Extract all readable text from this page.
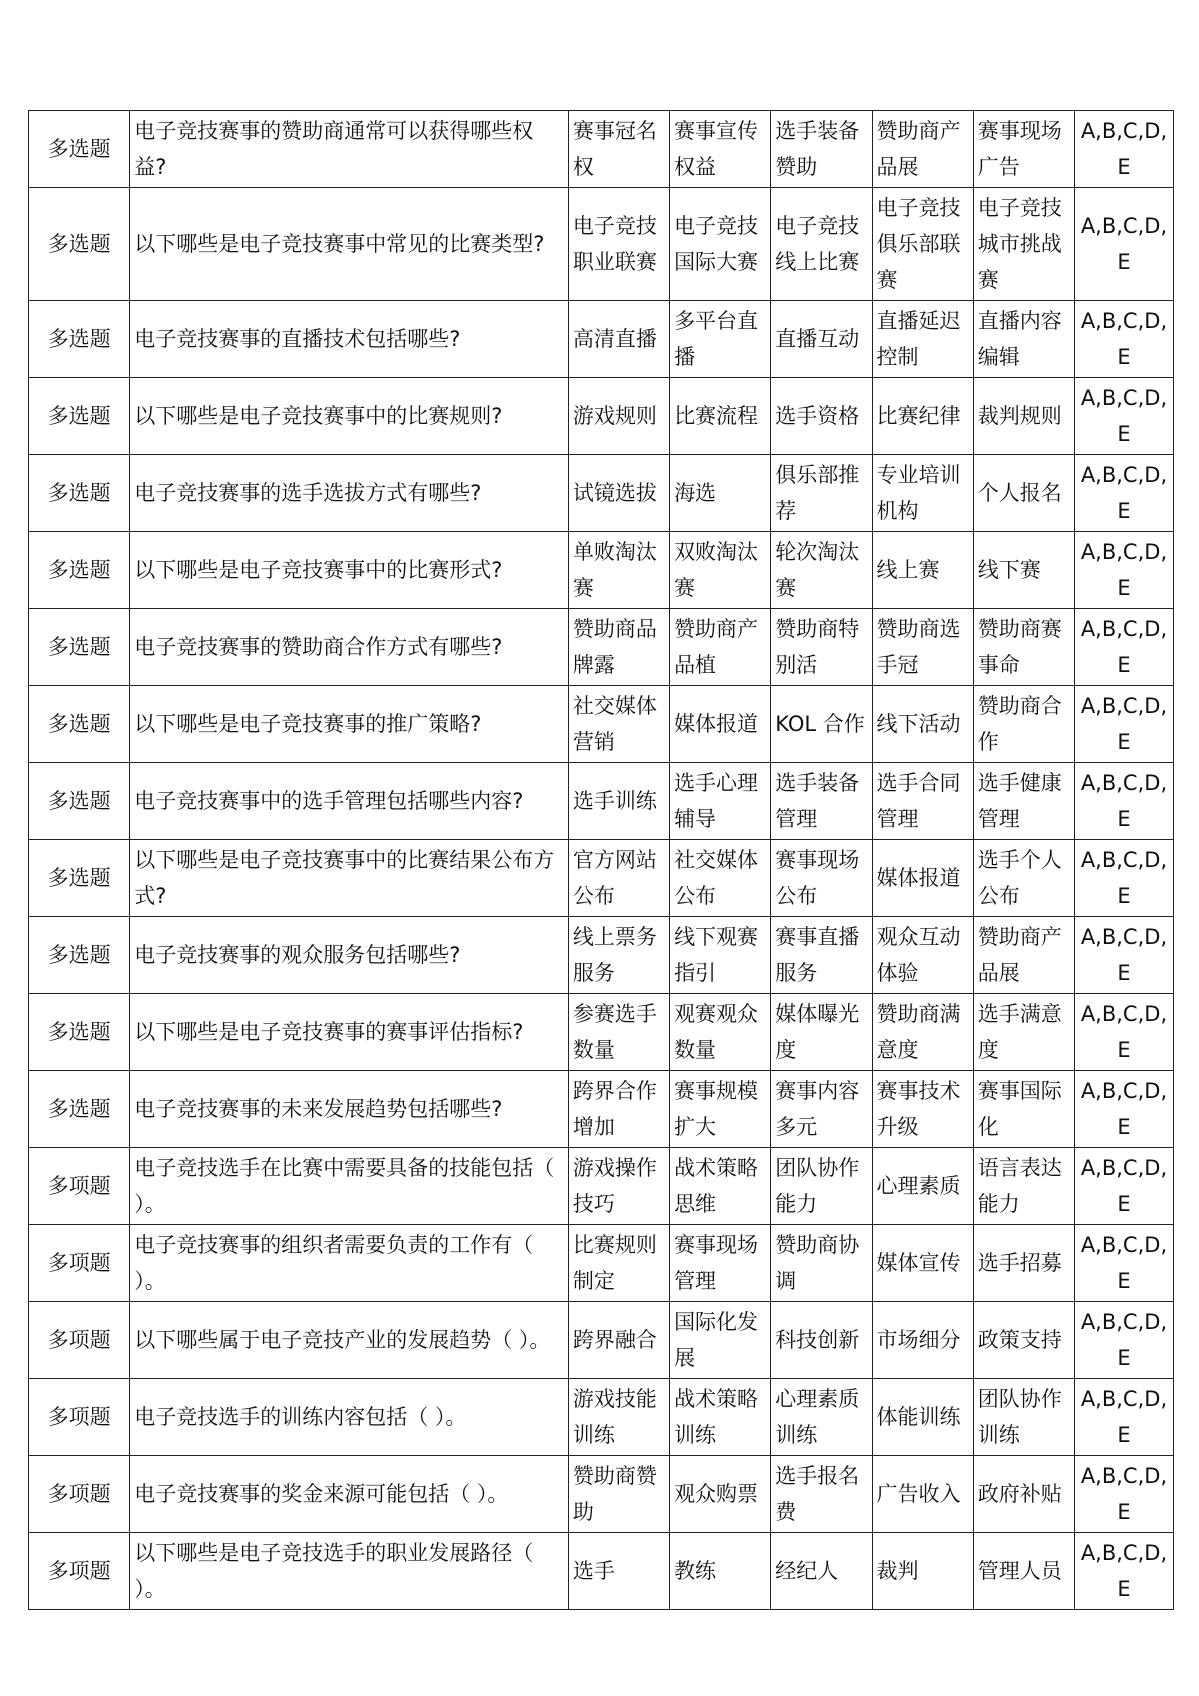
多选题	电子竞技赛事的赞助商通常可以获得哪些权益?	赛事冠名权	赛事宣传权益	选手装备赞助	赞助商产品展	赛事现场广告	A,B,C,D,E
多选题	以下哪些是电子竞技赛事中常见的比赛类型?	电子竞技职业联赛	电子竞技国际大赛	电子竞技线上比赛	电子竞技俱乐部联赛	电子竞技城市挑战赛	A,B,C,D,E
多选题	电子竞技赛事的直播技术包括哪些?	高清直播	多平台直播	直播互动	直播延迟控制	直播内容编辑	A,B,C,D,E
多选题	以下哪些是电子竞技赛事中的比赛规则?	游戏规则	比赛流程	选手资格	比赛纪律	裁判规则	A,B,C,D,E
多选题	电子竞技赛事的选手选拔方式有哪些?	试镜选拔	海选	俱乐部推荐	专业培训机构	个人报名	A,B,C,D,E
多选题	以下哪些是电子竞技赛事中的比赛形式?	单败淘汰赛	双败淘汰赛	轮次淘汰赛	线上赛	线下赛	A,B,C,D,E
多选题	电子竞技赛事的赞助商合作方式有哪些?	赞助商品牌露	赞助商产品植	赞助商特别活	赞助商选手冠	赞助商赛事命	A,B,C,D,E
多选题	以下哪些是电子竞技赛事的推广策略?	社交媒体营销	媒体报道	KOL 合作	线下活动	赞助商合作	A,B,C,D,E
多选题	电子竞技赛事中的选手管理包括哪些内容?	选手训练	选手心理辅导	选手装备管理	选手合同管理	选手健康管理	A,B,C,D,E
多选题	以下哪些是电子竞技赛事中的比赛结果公布方式?	官方网站公布	社交媒体公布	赛事现场公布	媒体报道	选手个人公布	A,B,C,D,E
多选题	电子竞技赛事的观众服务包括哪些?	线上票务服务	线下观赛指引	赛事直播服务	观众互动体验	赞助商产品展	A,B,C,D,E
多选题	以下哪些是电子竞技赛事的赛事评估指标?	参赛选手数量	观赛观众数量	媒体曝光度	赞助商满意度	选手满意度	A,B,C,D,E
多选题	电子竞技赛事的未来发展趋势包括哪些?	跨界合作增加	赛事规模扩大	赛事内容多元	赛事技术升级	赛事国际化	A,B,C,D,E
多项题	电子竞技选手在比赛中需要具备的技能包括（ ）。	游戏操作技巧	战术策略思维	团队协作能力	心理素质	语言表达能力	A,B,C,D,E
多项题	电子竞技赛事的组织者需要负责的工作有（ ）。	比赛规则制定	赛事现场管理	赞助商协调	媒体宣传	选手招募	A,B,C,D,E
多项题	以下哪些属于电子竞技产业的发展趋势（ ）。	跨界融合	国际化发展	科技创新	市场细分	政策支持	A,B,C,D,E
多项题	电子竞技选手的训练内容包括（ ）。	游戏技能训练	战术策略训练	心理素质训练	体能训练	团队协作训练	A,B,C,D,E
多项题	电子竞技赛事的奖金来源可能包括（ ）。	赞助商赞助	观众购票	选手报名费	广告收入	政府补贴	A,B,C,D,E
多项题	以下哪些是电子竞技选手的职业发展路径（ ）。	选手	教练	经纪人	裁判	管理人员	A,B,C,D,E
